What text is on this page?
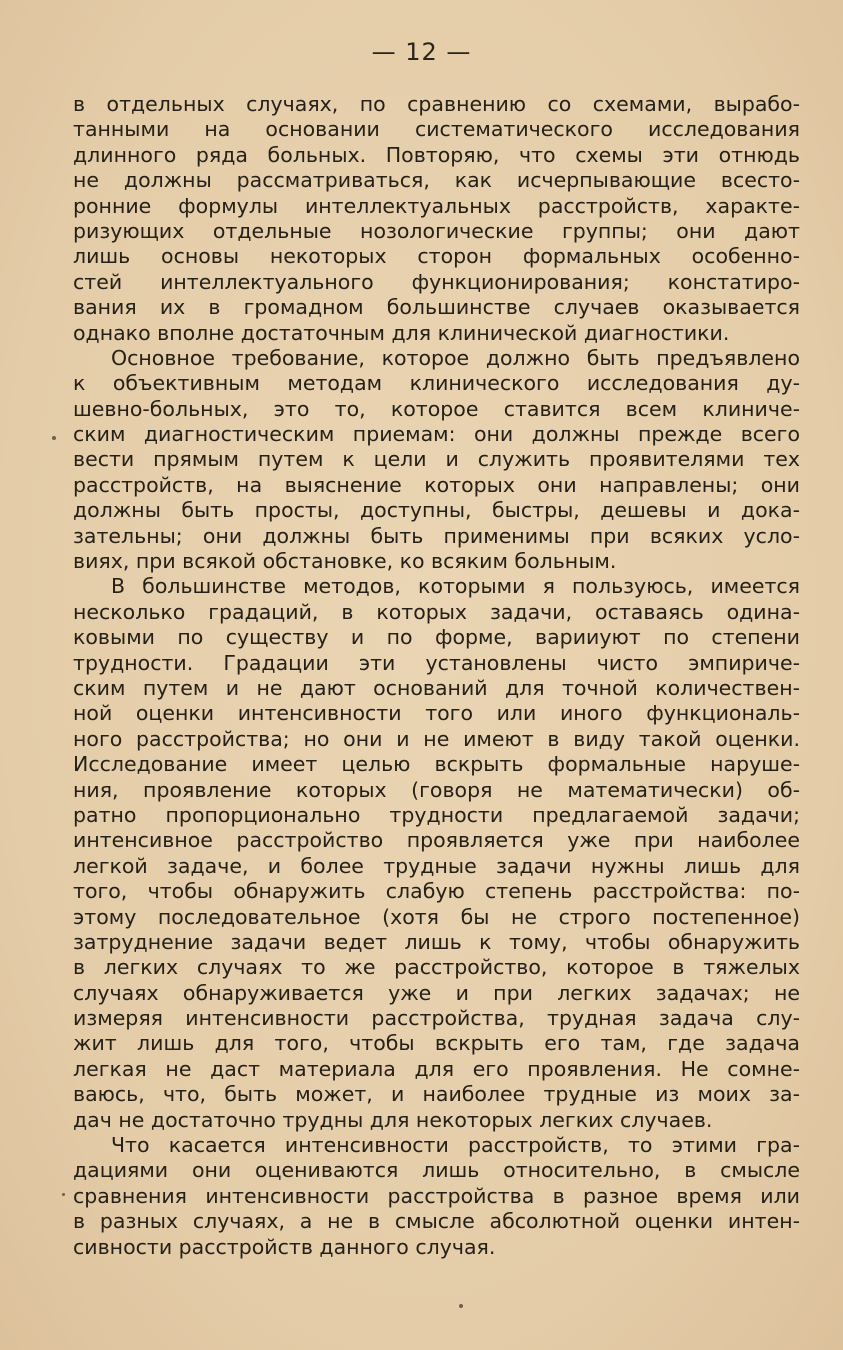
— 12 —
в отдельных случаях, по сравнению со схемами, вырабо-
танными на основании систематического исследования
длинного ряда больных. Повторяю, что схемы эти отнюдь
не должны рассматриваться, как исчерпывающие всесто-
ронние формулы интеллектуальных расстройств, характе-
ризующих отдельные нозологические группы; они дают
лишь основы некоторых сторон формальных особенно-
стей интеллектуального функционирования; констатиро-
вания их в громадном большинстве случаев оказывается
однако вполне достаточным для клинической диагностики.
Основное требование, которое должно быть предъявлено
к объективным методам клинического исследования ду-
шевно-больных, это то, которое ставится всем клиниче-
ским диагностическим приемам: они должны прежде всего
вести прямым путем к цели и служить проявителями тех
расстройств, на выяснение которых они направлены; они
должны быть просты, доступны, быстры, дешевы и дока-
зательны; они должны быть применимы при всяких усло-
виях, при всякой обстановке, ко всяким больным.
В большинстве методов, которыми я пользуюсь, имеется
несколько градаций, в которых задачи, оставаясь одина-
ковыми по существу и по форме, варииуют по степени
трудности. Градации эти установлены чисто эмпириче-
ским путем и не дают оснований для точной количествен-
ной оценки интенсивности того или иного функциональ-
ного расстройства; но они и не имеют в виду такой оценки.
Исследование имеет целью вскрыть формальные наруше-
ния, проявление которых (говоря не математически) об-
ратно пропорционально трудности предлагаемой задачи;
интенсивное расстройство проявляется уже при наиболее
легкой задаче, и более трудные задачи нужны лишь для
того, чтобы обнаружить слабую степень расстройства: по-
этому последовательное (хотя бы не строго постепенное)
затруднение задачи ведет лишь к тому, чтобы обнаружить
в легких случаях то же расстройство, которое в тяжелых
случаях обнаруживается уже и при легких задачах; не
измеряя интенсивности расстройства, трудная задача слу-
жит лишь для того, чтобы вскрыть его там, где задача
легкая не даст материала для его проявления. Не сомне-
ваюсь, что, быть может, и наиболее трудные из моих за-
дач не достаточно трудны для некоторых легких случаев.
Что касается интенсивности расстройств, то этими гра-
дациями они оцениваются лишь относительно, в смысле
сравнения интенсивности расстройства в разное время или
в разных случаях, а не в смысле абсолютной оценки интен-
сивности расстройств данного случая.
